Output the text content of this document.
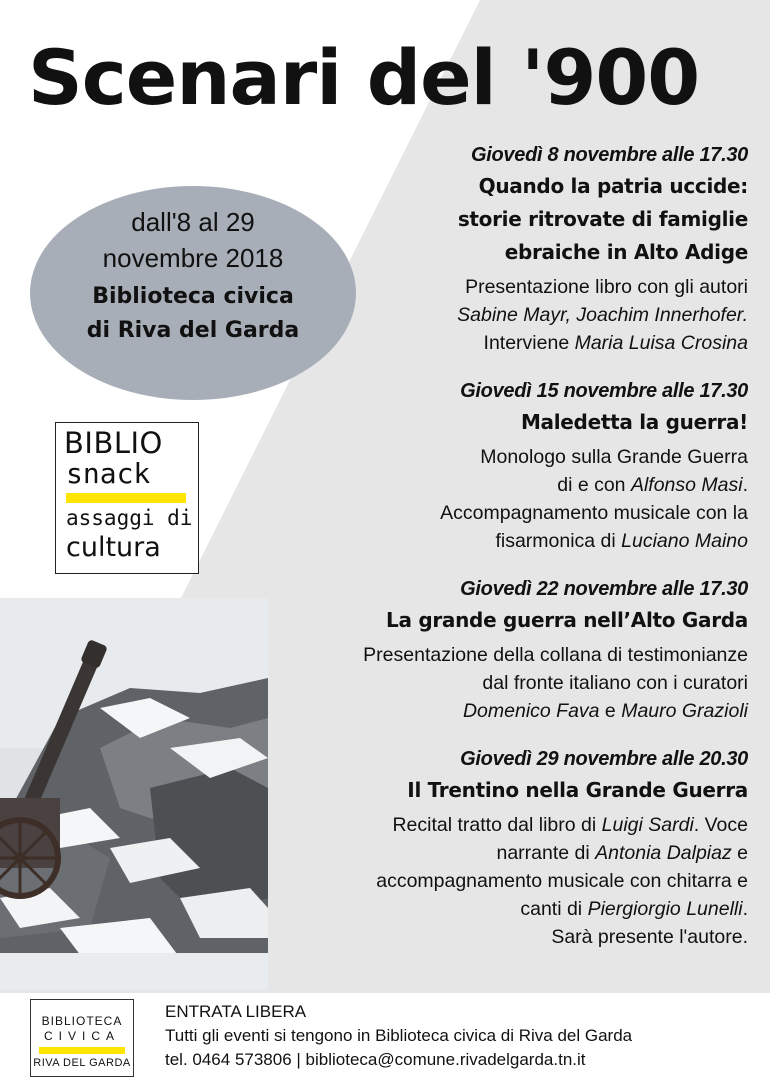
Scenari del '900
dall'8 al 29
novembre 2018
Biblioteca civica
di Riva del Garda
BIBLIO
snack
assaggi di
cultura
Giovedì 8 novembre alle 17.30
Quando la patria uccide:
storie ritrovate di famiglie
ebraiche in Alto Adige
Presentazione libro con gli autori
Sabine Mayr, Joachim Innerhofer.
Interviene Maria Luisa Crosina
Giovedì 15 novembre alle 17.30
Maledetta la guerra!
Monologo sulla Grande Guerra
di e con Alfonso Masi.
Accompagnamento musicale con la
fisarmonica di Luciano Maino
Giovedì 22 novembre alle 17.30
La grande guerra nell’Alto Garda
Presentazione della collana di testimonianze
dal fronte italiano con i curatori
Domenico Fava e Mauro Grazioli
Giovedì 29 novembre alle 20.30
Il Trentino nella Grande Guerra
Recital tratto dal libro di Luigi Sardi. Voce
narrante di Antonia Dalpiaz e
accompagnamento musicale con chitarra e
canti di Piergiorgio Lunelli.
Sarà presente l'autore.
BIBLIOTECA
CIVICA
RIVA DEL GARDA
ENTRATA LIBERA
Tutti gli eventi si tengono in Biblioteca civica di Riva del Garda
tel. 0464 573806 | biblioteca@comune.rivadelgarda.tn.it
